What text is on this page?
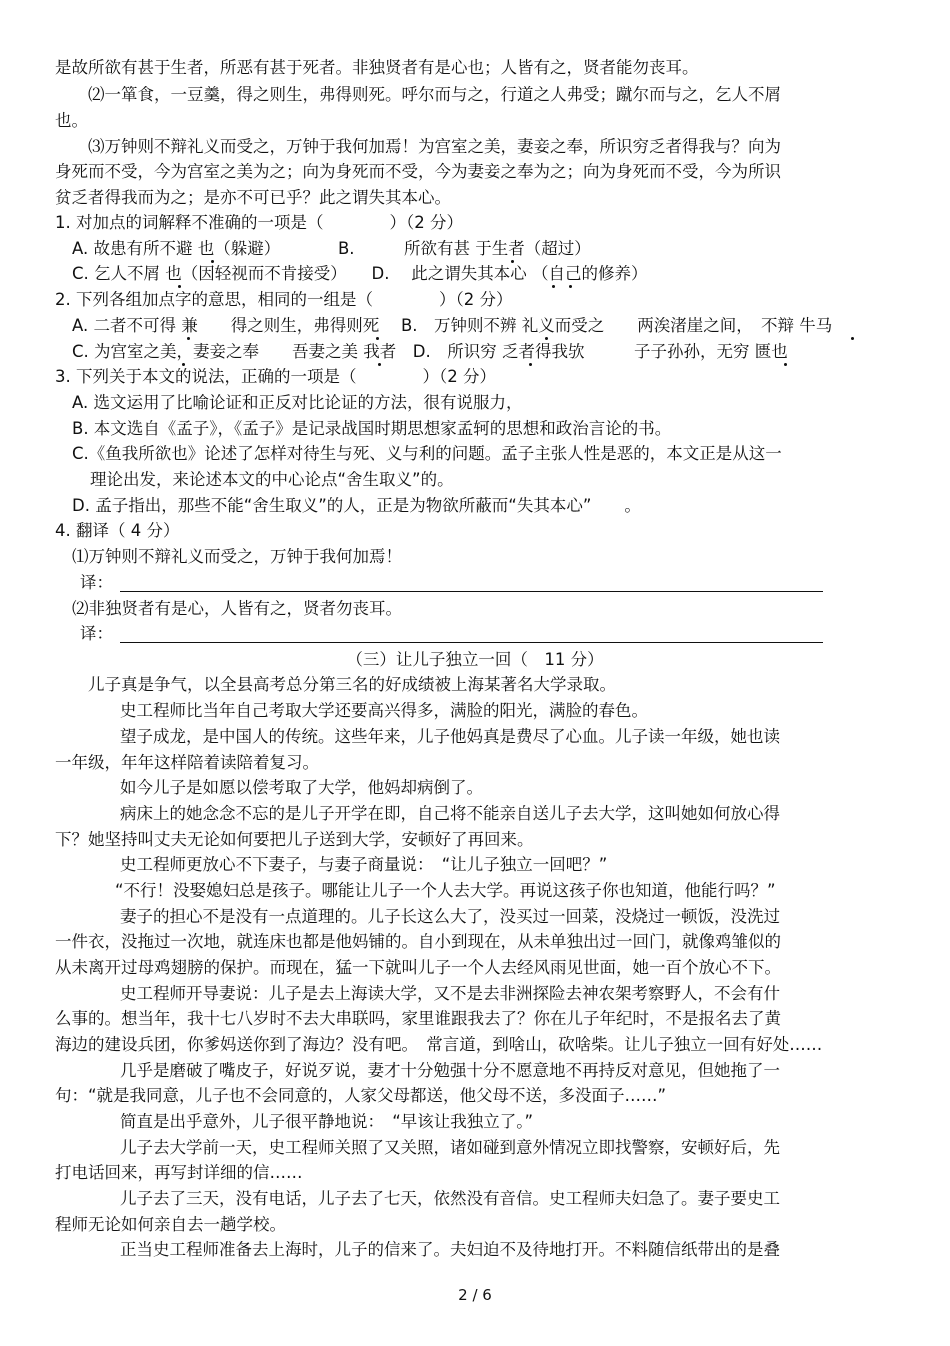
是故所欲有甚于生者，所恶有甚于死者。非独贤者有是心也；人皆有之，贤者能勿丧耳。
⑵一箪食，一豆羹，得之则生，弗得则死。呼尔而与之，行道之人弗受；蹴尔而与之，乞人不屑
也。
⑶万钟则不辩礼义而受之，万钟于我何加焉！为宫室之美，妻妾之奉，所识穷乏者得我与？向为
身死而不受，今为宫室之美为之；向为身死而不受，今为妻妾之奉为之；向为身死而不受，今为所识
贫乏者得我而为之；是亦不可已乎？此之谓失其本心。
1. 对加点的词解释不准确的一项是（　　　　）（2 分）
A. 故患有所不避 也（躲避）　　　　B.　　　所欲有甚 于生者（超过）
C. 乞人不屑 也（因轻视而不肯接受）　　D.　 此之谓失其本心 （自己的修养）
2. 下列各组加点字的意思，相同的一组是（　　　　）（2 分）
A. 二者不可得 兼　　得之则生，弗得则死　 B.　万钟则不辨 礼义而受之　　两涘渚崖之间，　不辩 牛马
C. 为宫室之美，妻妾之奉　　吾妻之美 我者　D.　所识穷 乏者得我欤　　　子子孙孙，无穷 匮也
3. 下列关于本文的说法，正确的一项是（　　　　）（2 分）
A. 选文运用了比喻论证和正反对比论证的方法，很有说服力，
B. 本文选自《孟子》，《孟子》是记录战国时期思想家孟轲的思想和政治言论的书。
C.《鱼我所欲也》论述了怎样对待生与死、义与利的问题。孟子主张人性是恶的，本文正是从这一
理论出发，来论述本文的中心论点“舍生取义”的。
D. 孟子指出，那些不能“舍生取义”的人，正是为物欲所蔽而“失其本心”　　。
4. 翻译（ 4 分）
⑴万钟则不辩礼义而受之，万钟于我何加焉！
译：
⑵非独贤者有是心，人皆有之，贤者勿丧耳。
译：
（三）让儿子独立一回（　11 分）
儿子真是争气，以全县高考总分第三名的好成绩被上海某著名大学录取。
史工程师比当年自己考取大学还要高兴得多，满脸的阳光，满脸的春色。
望子成龙，是中国人的传统。这些年来，儿子他妈真是费尽了心血。儿子读一年级，她也读
一年级，年年这样陪着读陪着复习。
如今儿子是如愿以偿考取了大学，他妈却病倒了。
病床上的她念念不忘的是儿子开学在即，自己将不能亲自送儿子去大学，这叫她如何放心得
下？她坚持叫丈夫无论如何要把儿子送到大学，安顿好了再回来。
史工程师更放心不下妻子，与妻子商量说：　“让儿子独立一回吧？”
“不行！没娶媳妇总是孩子。哪能让儿子一个人去大学。再说这孩子你也知道，他能行吗？”
妻子的担心不是没有一点道理的。儿子长这么大了，没买过一回菜，没烧过一顿饭，没洗过
一件衣，没拖过一次地，就连床也都是他妈铺的。自小到现在，从未单独出过一回门，就像鸡雏似的
从未离开过母鸡翅膀的保护。而现在，猛一下就叫儿子一个人去经风雨见世面，她一百个放心不下。
史工程师开导妻说：儿子是去上海读大学，又不是去非洲探险去神农架考察野人，不会有什
么事的。想当年，我十七八岁时不去大串联吗，家里谁跟我去了？你在儿子年纪时，不是报名去了黄
海边的建设兵团，你爹妈送你到了海边？没有吧。　常言道，到啥山，砍啥柴。让儿子独立一回有好处……
几乎是磨破了嘴皮子，好说歹说，妻才十分勉强十分不愿意地不再持反对意见，但她拖了一
句：“就是我同意，儿子也不会同意的，人家父母都送，他父母不送，多没面子……”
简直是出乎意外，儿子很平静地说：　“早该让我独立了。”
儿子去大学前一天，史工程师关照了又关照，诸如碰到意外情况立即找警察，安顿好后，先
打电话回来，再写封详细的信……
儿子去了三天，没有电话，儿子去了七天，依然没有音信。史工程师夫妇急了。妻子要史工
程师无论如何亲自去一趟学校。
正当史工程师准备去上海时，儿子的信来了。夫妇迫不及待地打开。不料随信纸带出的是叠
2 / 6
